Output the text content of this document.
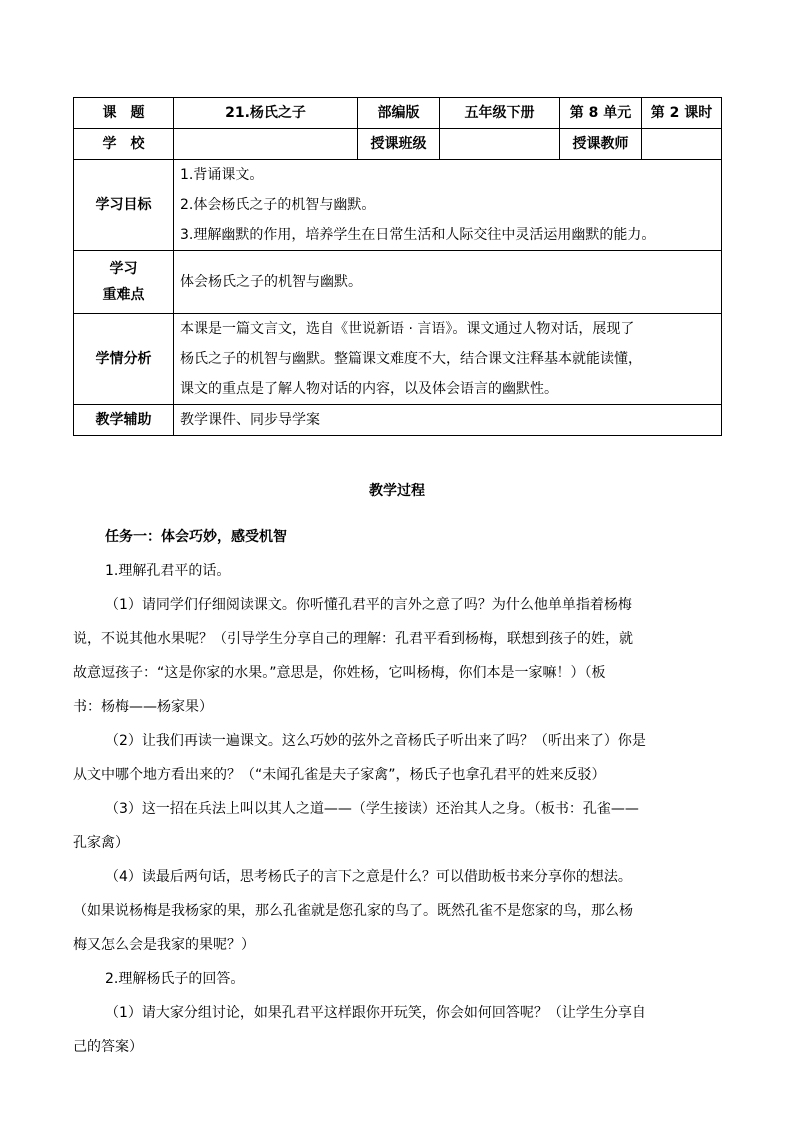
课　题	21.杨氏之子	部编版	五年级下册	第 8 单元	第 2 课时
学　校		授课班级		授课教师	
学习目标	1.背诵课文。
2.体会杨氏之子的机智与幽默。
3.理解幽默的作用，培养学生在日常生活和人际交往中灵活运用幽默的能力。				

学习
重难点	体会杨氏之子的机智与幽默。				
学情分析	本课是一篇文言文，选自《世说新语 · 言语》。课文通过人物对话，展现了
杨氏之子的机智与幽默。整篇课文难度不大，结合课文注释基本就能读懂，
课文的重点是了解人物对话的内容，以及体会语言的幽默性。				

教学辅助	教学课件、同步导学案				
教学过程

任务一：体会巧妙，感受机智

1.理解孔君平的话。

（1）请同学们仔细阅读课文。你听懂孔君平的言外之意了吗？为什么他单单指着杨梅

说，不说其他水果呢？（引导学生分享自己的理解：孔君平看到杨梅，联想到孩子的姓，就

故意逗孩子：“这是你家的水果。”意思是，你姓杨，它叫杨梅，你们本是一家嘛！）（板

书：杨梅——杨家果）

（2）让我们再读一遍课文。这么巧妙的弦外之音杨氏子听出来了吗？（听出来了）你是

从文中哪个地方看出来的？（“未闻孔雀是夫子家禽”，杨氏子也拿孔君平的姓来反驳）

（3）这一招在兵法上叫以其人之道——（学生接读）还治其人之身。（板书：孔雀——

孔家禽）

（4）读最后两句话，思考杨氏子的言下之意是什么？可以借助板书来分享你的想法。

（如果说杨梅是我杨家的果，那么孔雀就是您孔家的鸟了。既然孔雀不是您家的鸟，那么杨

梅又怎么会是我家的果呢？）

2.理解杨氏子的回答。

（1）请大家分组讨论，如果孔君平这样跟你开玩笑，你会如何回答呢？（让学生分享自

己的答案）
